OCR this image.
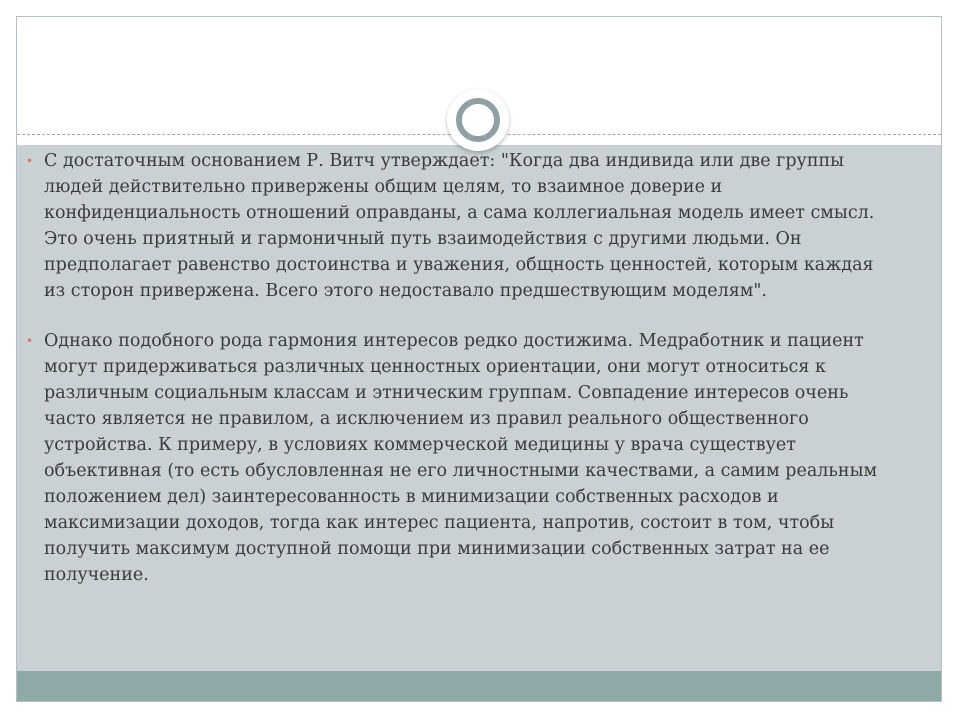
• С достаточным основанием Р. Витч утверждает: "Когда два индивида или две группы людей действительно привержены общим целям, то взаимное доверие и конфиденциальность отношений оправданы, а сама коллегиальная модель имеет смысл. Это очень приятный и гармоничный путь взаимодействия с другими людьми. Он предполагает равенство достоинства и уважения, общность ценностей, которым каждая из сторон привержена. Всего этого недоставало предшествующим моделям".
• Однако подобного рода гармония интересов редко достижима. Медработник и пациент могут придерживаться различных ценностных ориентации, они могут относиться к различным социальным классам и этническим группам. Совпадение интересов очень часто является не правилом, а исключением из правил реального общественного устройства. К примеру, в условиях коммерческой медицины у врача существует объективная (то есть обусловленная не его личностными качествами, а самим реальным положением дел) заинтересованность в минимизации собственных расходов и максимизации доходов, тогда как интерес пациента, напротив, состоит в том, чтобы получить максимум доступной помощи при минимизации собственных затрат на ее получение.
